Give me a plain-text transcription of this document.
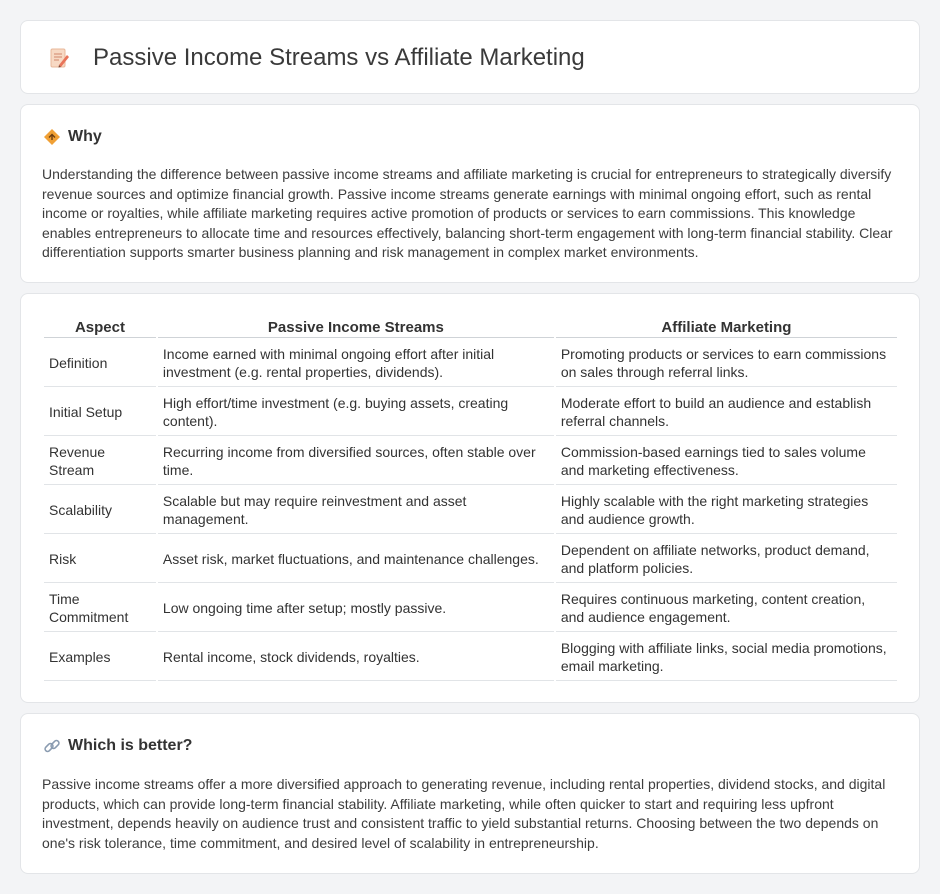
Passive Income Streams vs Affiliate Marketing
Why

Understanding the difference between passive income streams and affiliate marketing is crucial for entrepreneurs to strategically diversify revenue sources and optimize financial growth. Passive income streams generate earnings with minimal ongoing effort, such as rental income or royalties, while affiliate marketing requires active promotion of products or services to earn commissions. This knowledge enables entrepreneurs to allocate time and resources effectively, balancing short-term engagement with long-term financial stability. Clear differentiation supports smarter business planning and risk management in complex market environments.

Aspect	Passive Income Streams	Affiliate Marketing
Definition	Income earned with minimal ongoing effort after initial investment (e.g. rental properties, dividends).	Promoting products or services to earn commissions on sales through referral links.
Initial Setup	High effort/time investment (e.g. buying assets, creating content).	Moderate effort to build an audience and establish referral channels.
Revenue Stream	Recurring income from diversified sources, often stable over time.	Commission-based earnings tied to sales volume and marketing effectiveness.
Scalability	Scalable but may require reinvestment and asset management.	Highly scalable with the right marketing strategies and audience growth.
Risk	Asset risk, market fluctuations, and maintenance challenges.	Dependent on affiliate networks, product demand, and platform policies.
Time Commitment	Low ongoing time after setup; mostly passive.	Requires continuous marketing, content creation, and audience engagement.
Examples	Rental income, stock dividends, royalties.	Blogging with affiliate links, social media promotions, email marketing.
Which is better?

Passive income streams offer a more diversified approach to generating revenue, including rental properties, dividend stocks, and digital products, which can provide long-term financial stability. Affiliate marketing, while often quicker to start and requiring less upfront investment, depends heavily on audience trust and consistent traffic to yield substantial returns. Choosing between the two depends on one's risk tolerance, time commitment, and desired level of scalability in entrepreneurship.
